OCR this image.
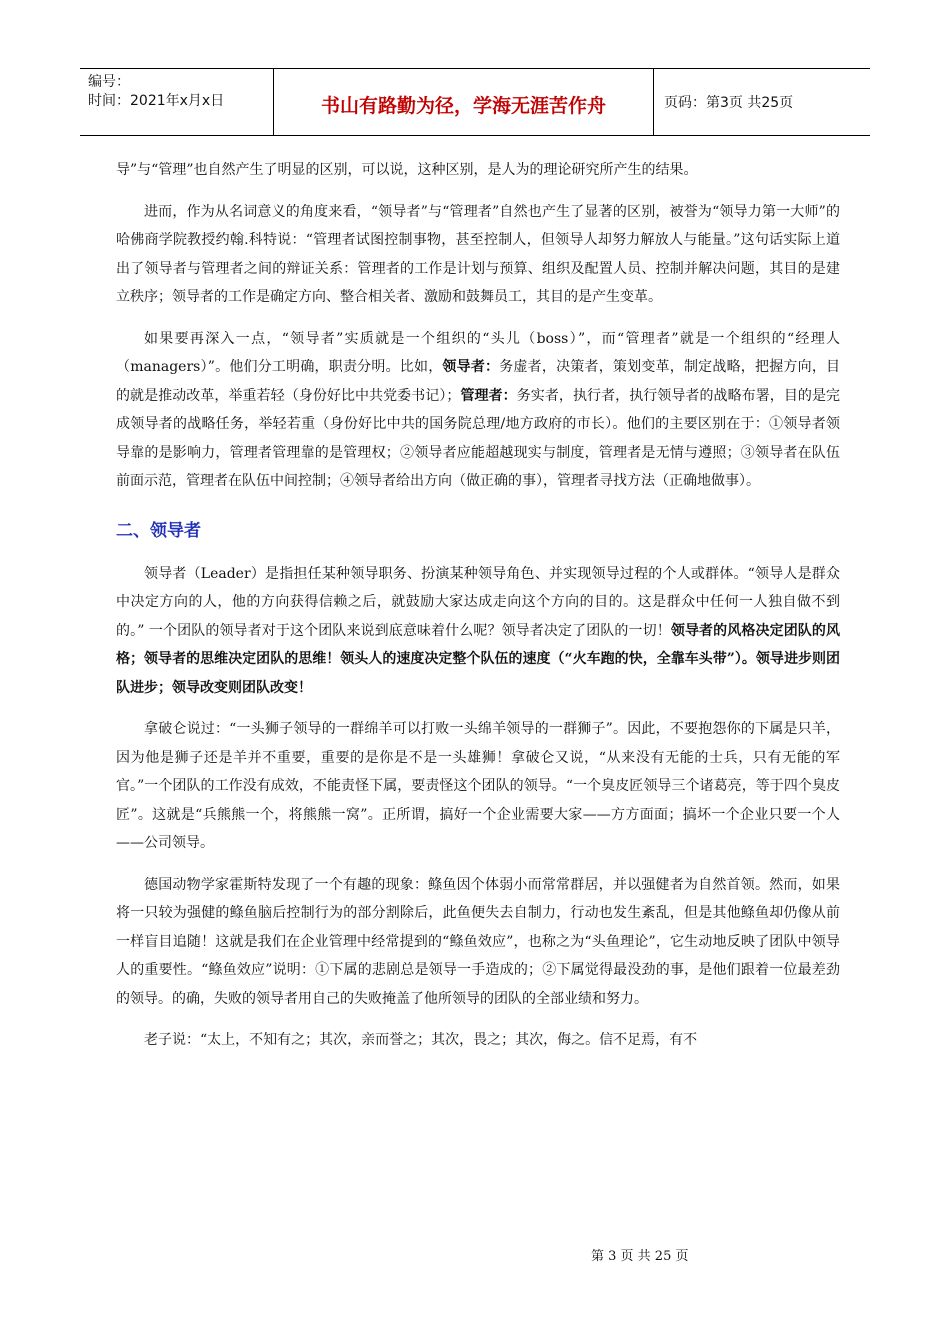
编号：
时间：2021年x月x日	书山有路勤为径，学海无涯苦作舟	页码：第3页 共25页

导”与“管理”也自然产生了明显的区别，可以说，这种区别，是人为的理论研究所产生的结果。

进而，作为从名词意义的角度来看，“领导者”与“管理者”自然也产生了显著的区别，被誉为“领导力第一大师”的哈佛商学院教授约翰.科特说：“管理者试图控制事物，甚至控制人，但领导人却努力解放人与能量。”这句话实际上道出了领导者与管理者之间的辩证关系：管理者的工作是计划与预算、组织及配置人员、控制并解决问题，其目的是建立秩序；领导者的工作是确定方向、整合相关者、激励和鼓舞员工，其目的是产生变革。

如果要再深入一点，“领导者”实质就是一个组织的“头儿（boss）”，而“管理者”就是一个组织的“经理人（managers）”。他们分工明确，职责分明。比如，领导者：务虚者，决策者，策划变革，制定战略，把握方向，目的就是推动改革，举重若轻（身份好比中共党委书记）；管理者：务实者，执行者，执行领导者的战略布署，目的是完成领导者的战略任务，举轻若重（身份好比中共的国务院总理/地方政府的市长）。他们的主要区别在于：①领导者领导靠的是影响力，管理者管理靠的是管理权；②领导者应能超越现实与制度，管理者是无情与遵照；③领导者在队伍前面示范，管理者在队伍中间控制；④领导者给出方向（做正确的事），管理者寻找方法（正确地做事）。

二、领导者

领导者（Leader）是指担任某种领导职务、扮演某种领导角色、并实现领导过程的个人或群体。“领导人是群众中决定方向的人，他的方向获得信赖之后，就鼓励大家达成走向这个方向的目的。这是群众中任何一人独自做不到的。” 一个团队的领导者对于这个团队来说到底意味着什么呢？领导者决定了团队的一切！领导者的风格决定团队的风格；领导者的思维决定团队的思维！领头人的速度决定整个队伍的速度（“火车跑的快，全靠车头带”）。领导进步则团队进步；领导改变则团队改变！

拿破仑说过：“一头狮子领导的一群绵羊可以打败一头绵羊领导的一群狮子”。因此，不要抱怨你的下属是只羊，因为他是狮子还是羊并不重要，重要的是你是不是一头雄狮！拿破仑又说，“从来没有无能的士兵，只有无能的军官。”一个团队的工作没有成效，不能责怪下属，要责怪这个团队的领导。“一个臭皮匠领导三个诸葛亮，等于四个臭皮匠”。这就是“兵熊熊一个，将熊熊一窝”。正所谓，搞好一个企业需要大家——方方面面；搞坏一个企业只要一个人——公司领导。

德国动物学家霍斯特发现了一个有趣的现象：鲦鱼因个体弱小而常常群居，并以强健者为自然首领。然而，如果将一只较为强健的鲦鱼脑后控制行为的部分割除后，此鱼便失去自制力，行动也发生紊乱，但是其他鲦鱼却仍像从前一样盲目追随！这就是我们在企业管理中经常提到的“鲦鱼效应”，也称之为“头鱼理论”，它生动地反映了团队中领导人的重要性。“鲦鱼效应”说明：①下属的悲剧总是领导一手造成的；②下属觉得最没劲的事，是他们跟着一位最差劲的领导。的确，失败的领导者用自己的失败掩盖了他所领导的团队的全部业绩和努力。

老子说：“太上，不知有之；其次，亲而誉之；其次，畏之；其次，侮之。信不足焉，有不

第 3 页 共 25 页
